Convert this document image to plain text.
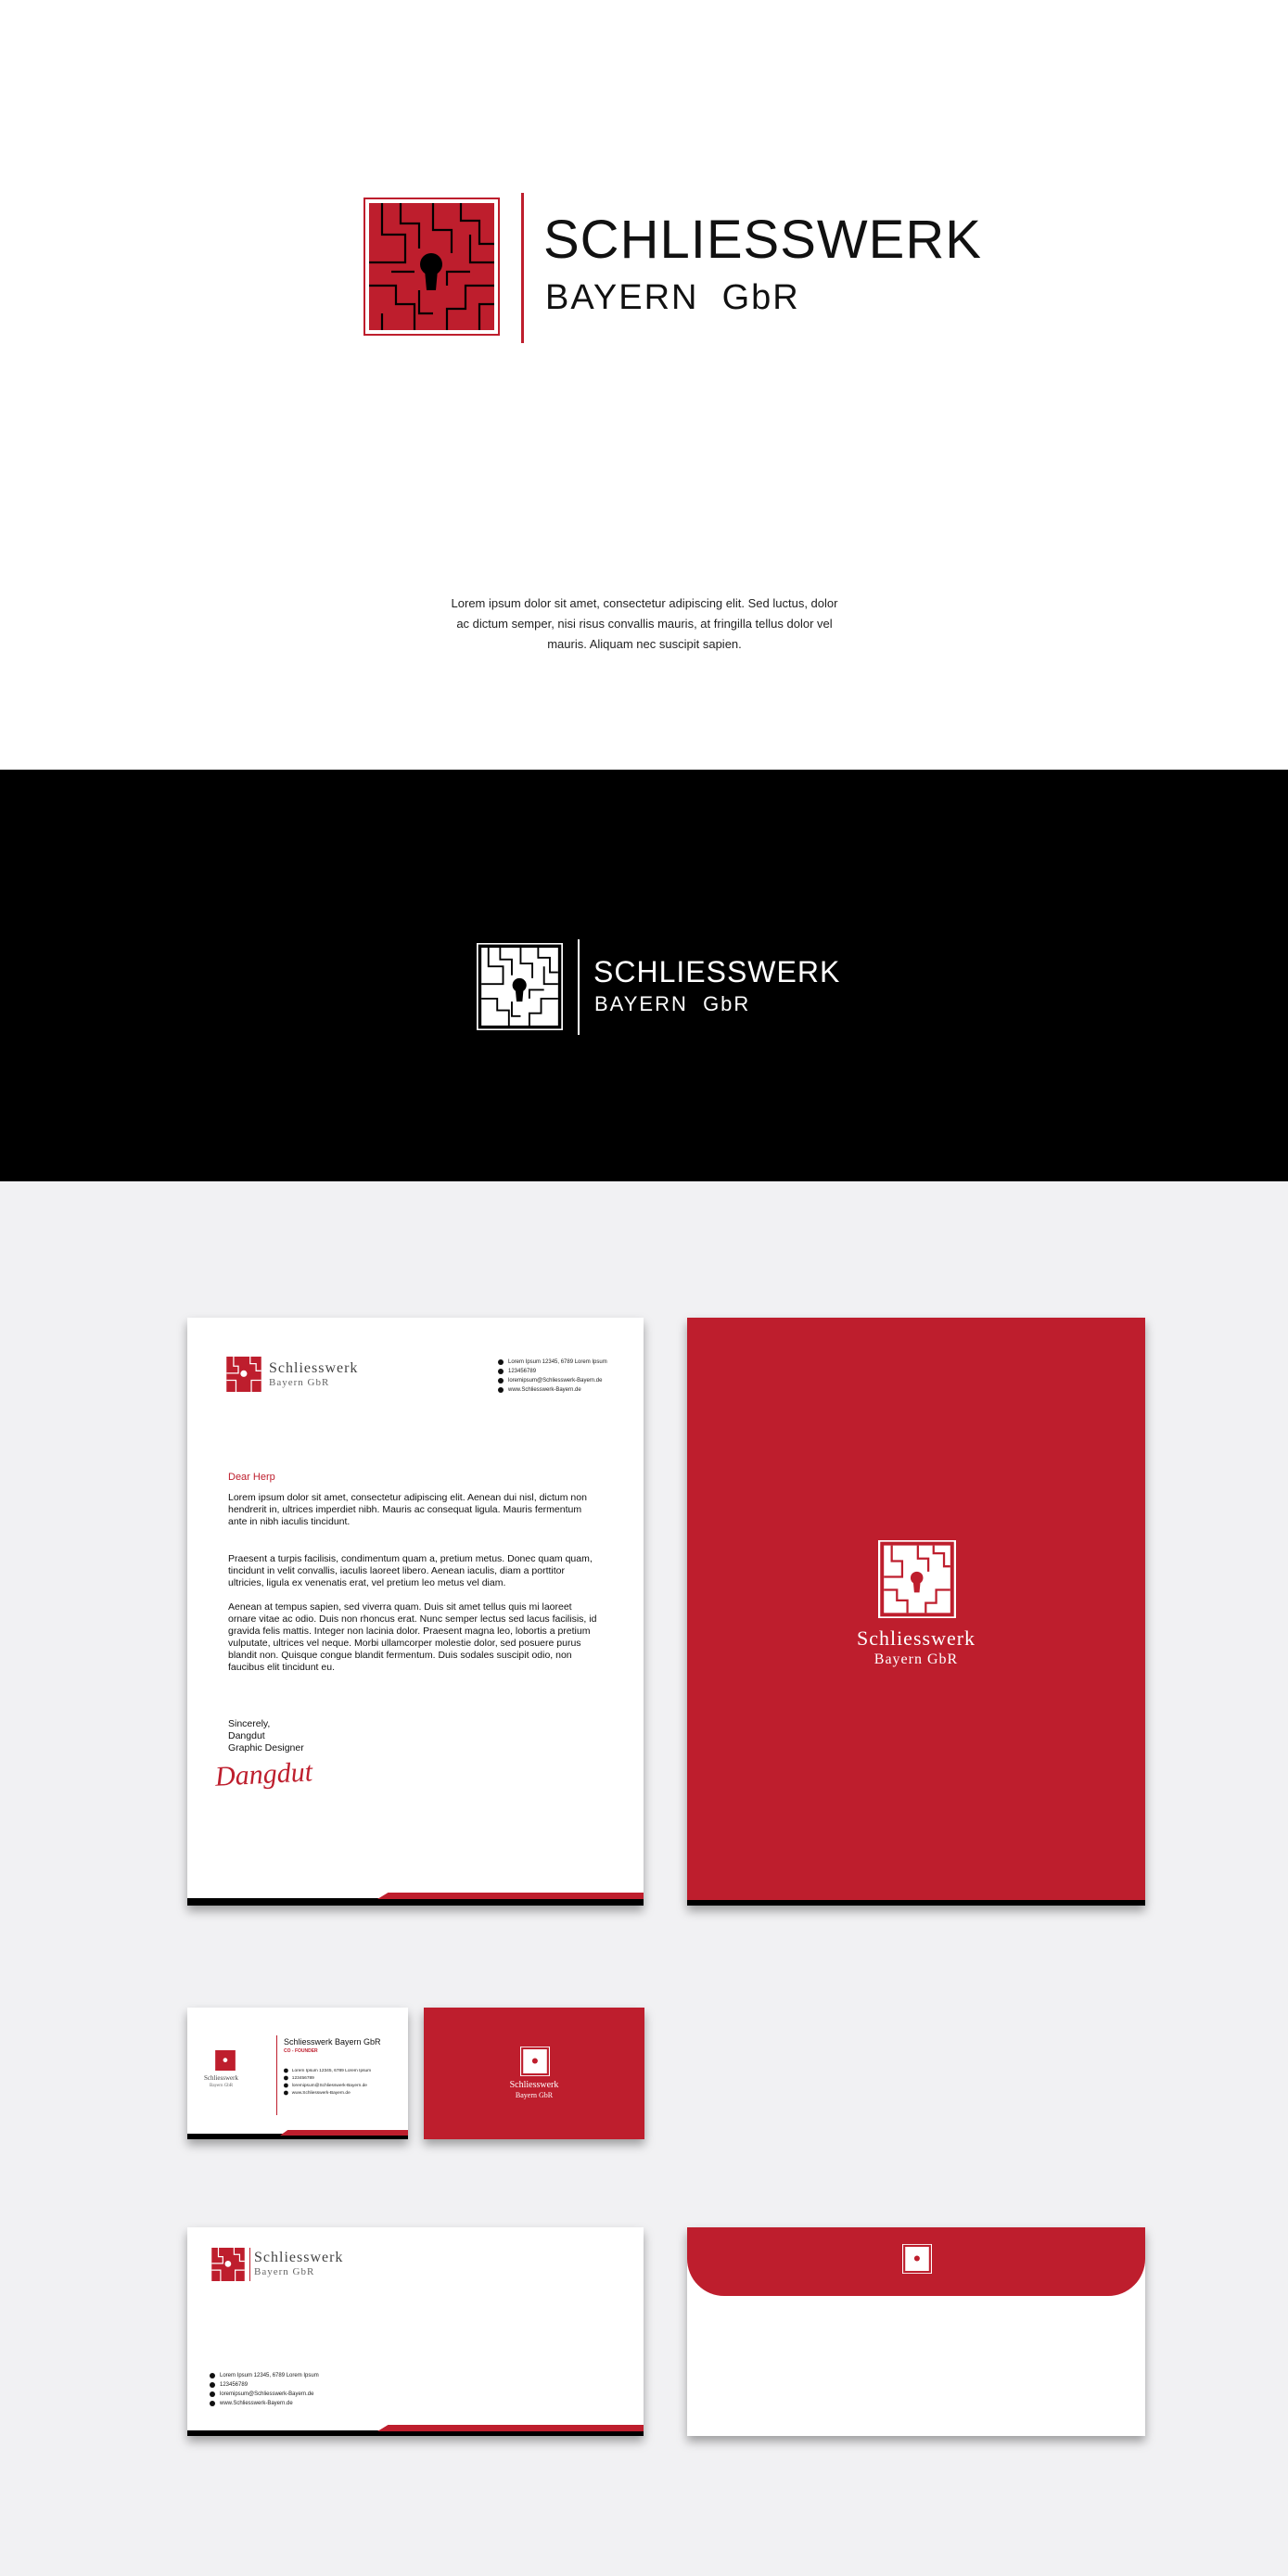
SCHLIESSWERK
BAYERN  GbR
Lorem ipsum dolor sit amet, consectetur adipiscing elit. Sed luctus, dolor ac dictum semper, nisi risus convallis mauris, at fringilla tellus dolor vel mauris. Aliquam nec suscipit sapien.
SCHLIESSWERK
BAYERN  GbR
Schliesswerk
Bayern GbR
Lorem Ipsum 12345, 6789 Lorem Ipsum
123456789
loremipsum@Schliesswerk-Bayern.de
www.Schliesswerk-Bayern.de
Dear Herp
Lorem ipsum dolor sit amet, consectetur adipiscing elit. Aenean dui nisl, dictum non hendrerit in, ultrices imperdiet nibh. Mauris ac consequat ligula. Mauris fermentum ante in nibh iaculis tincidunt.
Praesent a turpis facilisis, condimentum quam a, pretium metus. Donec quam quam, tincidunt in velit convallis, iaculis laoreet libero. Aenean iaculis, diam a porttitor ultricies, ligula ex venenatis erat, vel pretium leo metus vel diam.
Aenean at tempus sapien, sed viverra quam. Duis sit amet tellus quis mi laoreet ornare vitae ac odio. Duis non rhoncus erat. Nunc semper lectus sed lacus facilisis, id gravida felis mattis. Integer non lacinia dolor. Praesent magna leo, lobortis a pretium vulputate, ultrices vel neque. Morbi ullamcorper molestie dolor, sed posuere purus blandit non. Quisque congue blandit fermentum. Duis sodales suscipit odio, non faucibus elit tincidunt eu.
Sincerely,
Dangdut
Graphic Designer
Dangdut
Schliesswerk
Bayern GbR
Schliesswerk
Bayern GbR
Schliesswerk Bayern GbR
CO - FOUNDER
Lorem Ipsum 12345, 6789 Lorem Ipsum
123456789
loremipsum@Schliesswerk-Bayern.de
www.Schliesswerk-Bayern.de
Schliesswerk
Bayern GbR
Schliesswerk
Bayern GbR
Lorem Ipsum 12345, 6789 Lorem Ipsum
123456789
loremipsum@Schliesswerk-Bayern.de
www.Schliesswerk-Bayern.de
